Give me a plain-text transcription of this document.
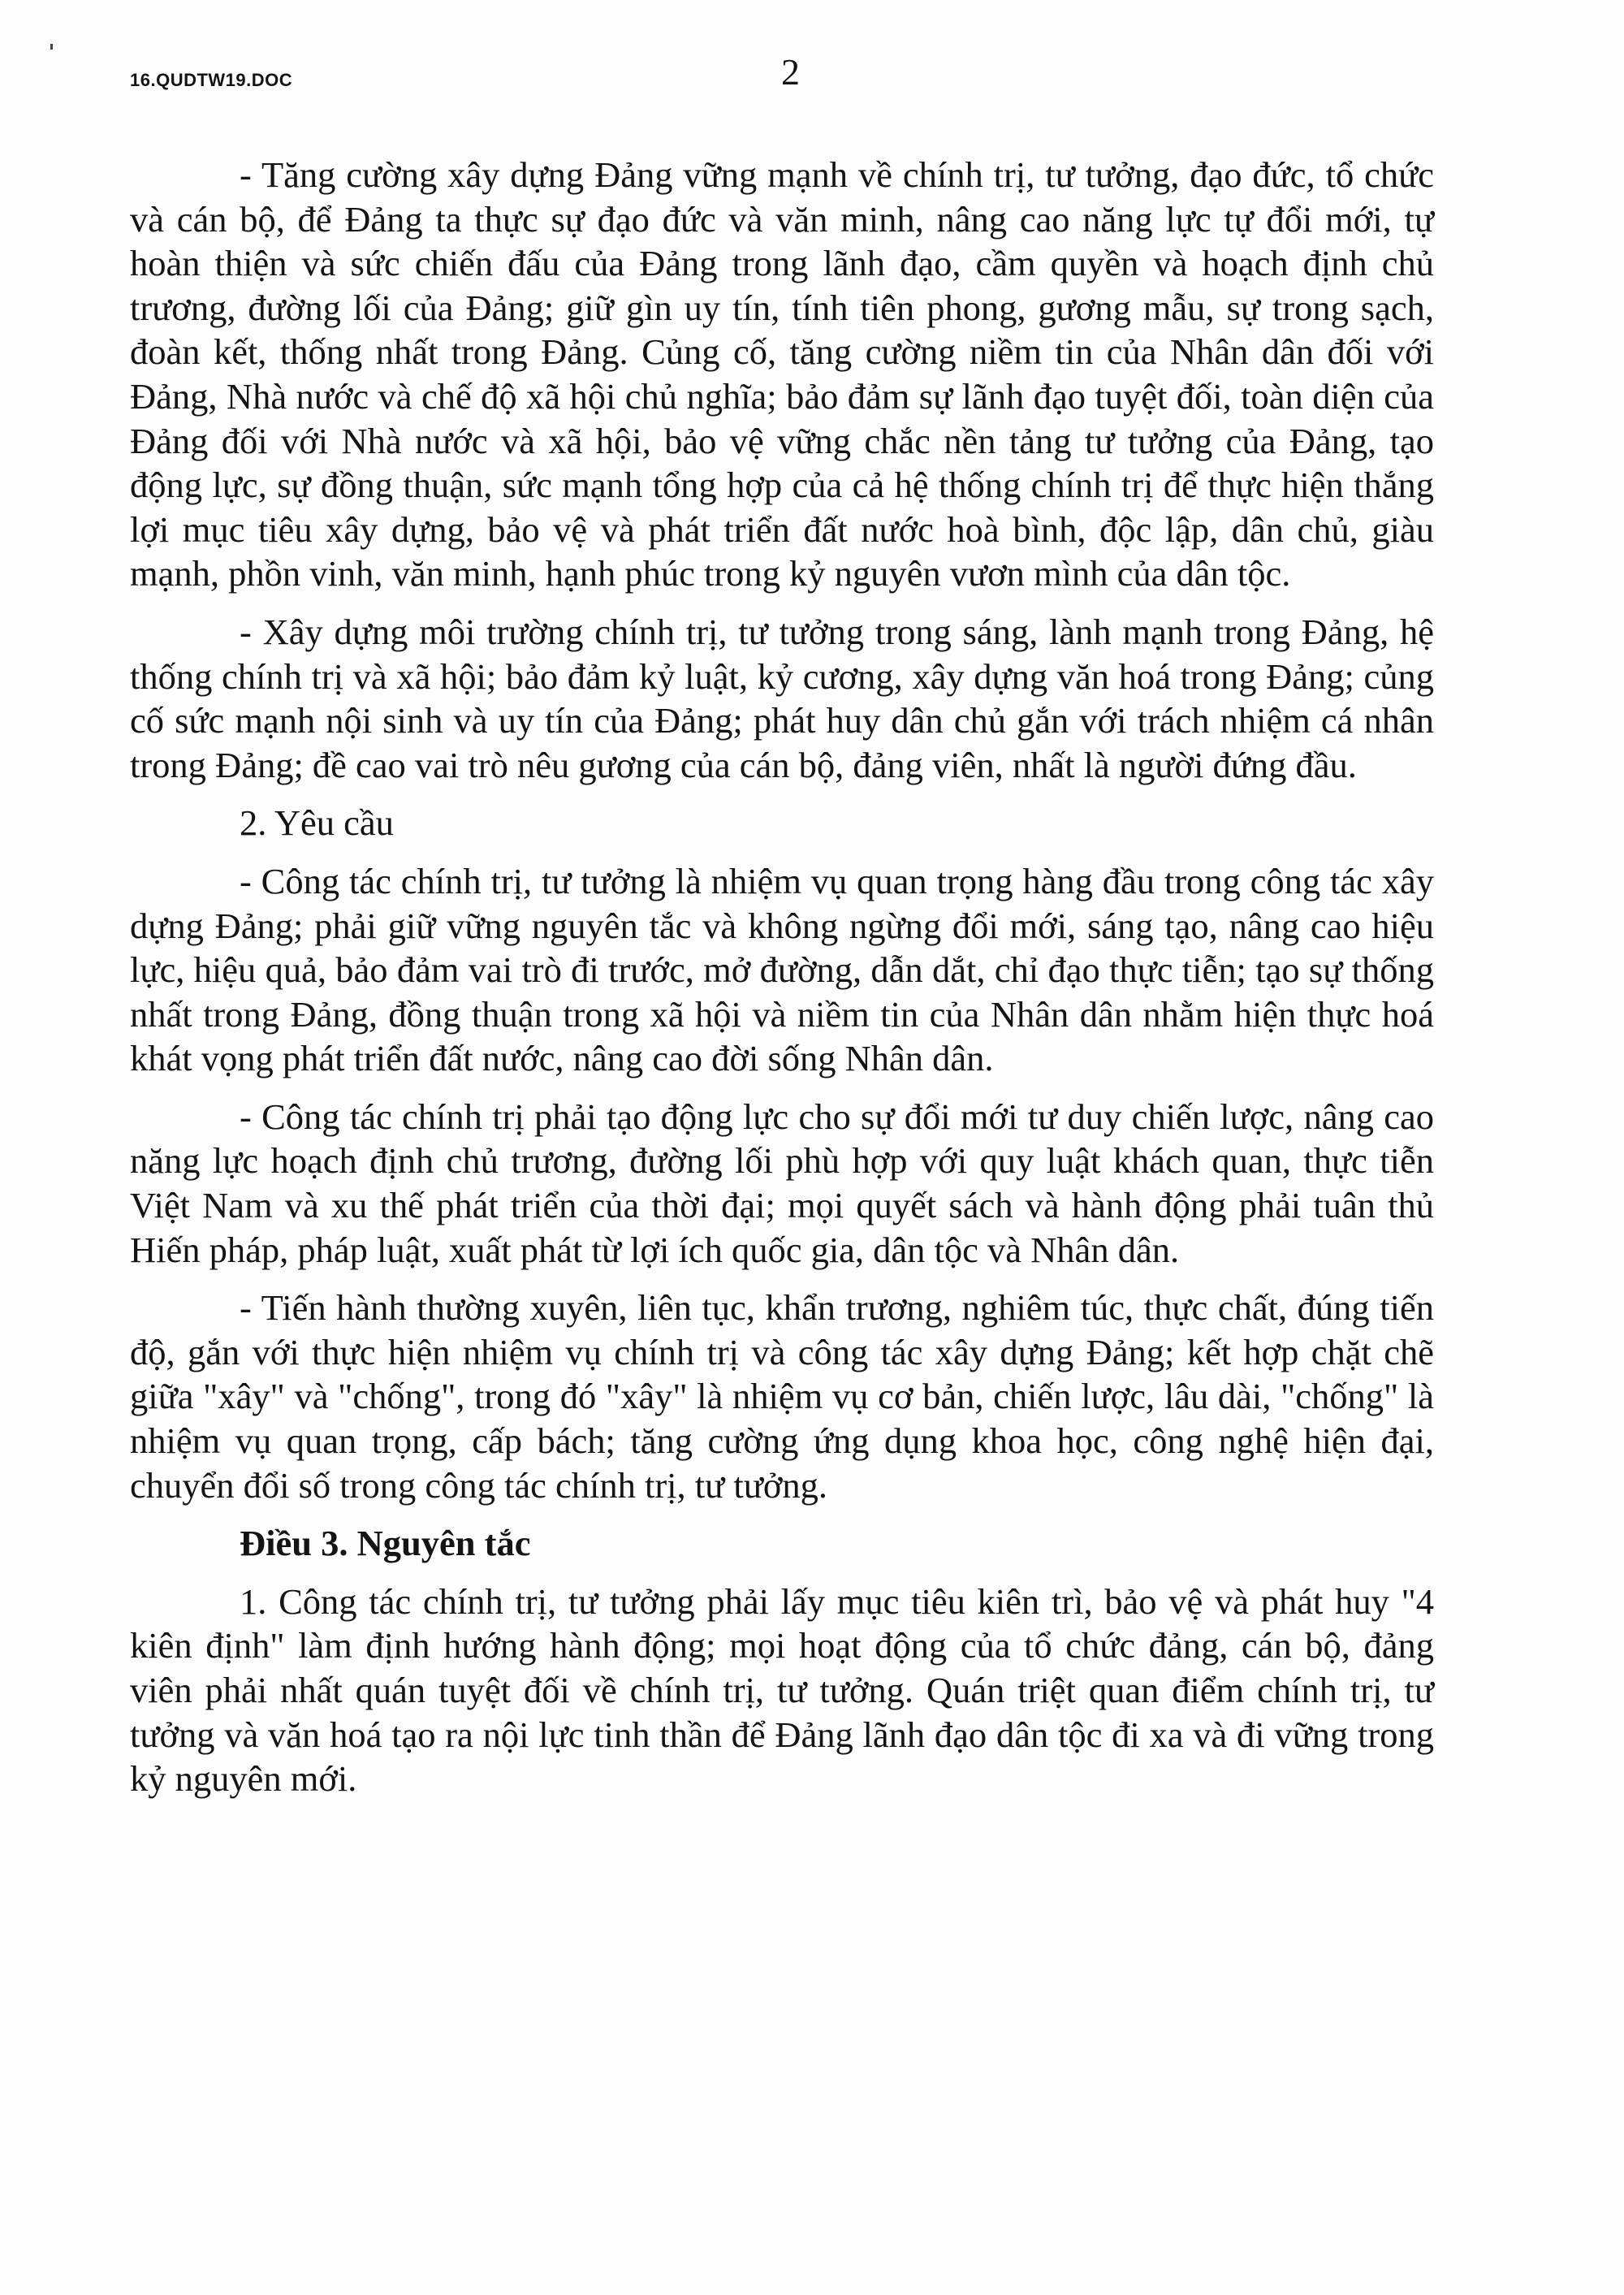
16.QUDTW19.DOC	2

- Tăng cường xây dựng Đảng vững mạnh về chính trị, tư tưởng, đạo đức, tổ chức và cán bộ, để Đảng ta thực sự đạo đức và văn minh, nâng cao năng lực tự đổi mới, tự hoàn thiện và sức chiến đấu của Đảng trong lãnh đạo, cầm quyền và hoạch định chủ trương, đường lối của Đảng; giữ gìn uy tín, tính tiên phong, gương mẫu, sự trong sạch, đoàn kết, thống nhất trong Đảng. Củng cố, tăng cường niềm tin của Nhân dân đối với Đảng, Nhà nước và chế độ xã hội chủ nghĩa; bảo đảm sự lãnh đạo tuyệt đối, toàn diện của Đảng đối với Nhà nước và xã hội, bảo vệ vững chắc nền tảng tư tưởng của Đảng, tạo động lực, sự đồng thuận, sức mạnh tổng hợp của cả hệ thống chính trị để thực hiện thắng lợi mục tiêu xây dựng, bảo vệ và phát triển đất nước hoà bình, độc lập, dân chủ, giàu mạnh, phồn vinh, văn minh, hạnh phúc trong kỷ nguyên vươn mình của dân tộc.

- Xây dựng môi trường chính trị, tư tưởng trong sáng, lành mạnh trong Đảng, hệ thống chính trị và xã hội; bảo đảm kỷ luật, kỷ cương, xây dựng văn hoá trong Đảng; củng cố sức mạnh nội sinh và uy tín của Đảng; phát huy dân chủ gắn với trách nhiệm cá nhân trong Đảng; đề cao vai trò nêu gương của cán bộ, đảng viên, nhất là người đứng đầu.

2. Yêu cầu

- Công tác chính trị, tư tưởng là nhiệm vụ quan trọng hàng đầu trong công tác xây dựng Đảng; phải giữ vững nguyên tắc và không ngừng đổi mới, sáng tạo, nâng cao hiệu lực, hiệu quả, bảo đảm vai trò đi trước, mở đường, dẫn dắt, chỉ đạo thực tiễn; tạo sự thống nhất trong Đảng, đồng thuận trong xã hội và niềm tin của Nhân dân nhằm hiện thực hoá khát vọng phát triển đất nước, nâng cao đời sống Nhân dân.

- Công tác chính trị phải tạo động lực cho sự đổi mới tư duy chiến lược, nâng cao năng lực hoạch định chủ trương, đường lối phù hợp với quy luật khách quan, thực tiễn Việt Nam và xu thế phát triển của thời đại; mọi quyết sách và hành động phải tuân thủ Hiến pháp, pháp luật, xuất phát từ lợi ích quốc gia, dân tộc và Nhân dân.

- Tiến hành thường xuyên, liên tục, khẩn trương, nghiêm túc, thực chất, đúng tiến độ, gắn với thực hiện nhiệm vụ chính trị và công tác xây dựng Đảng; kết hợp chặt chẽ giữa "xây" và "chống", trong đó "xây" là nhiệm vụ cơ bản, chiến lược, lâu dài, "chống" là nhiệm vụ quan trọng, cấp bách; tăng cường ứng dụng khoa học, công nghệ hiện đại, chuyển đổi số trong công tác chính trị, tư tưởng.

Điều 3. Nguyên tắc

1. Công tác chính trị, tư tưởng phải lấy mục tiêu kiên trì, bảo vệ và phát huy "4 kiên định" làm định hướng hành động; mọi hoạt động của tổ chức đảng, cán bộ, đảng viên phải nhất quán tuyệt đối về chính trị, tư tưởng. Quán triệt quan điểm chính trị, tư tưởng và văn hoá tạo ra nội lực tinh thần để Đảng lãnh đạo dân tộc đi xa và đi vững trong kỷ nguyên mới.
